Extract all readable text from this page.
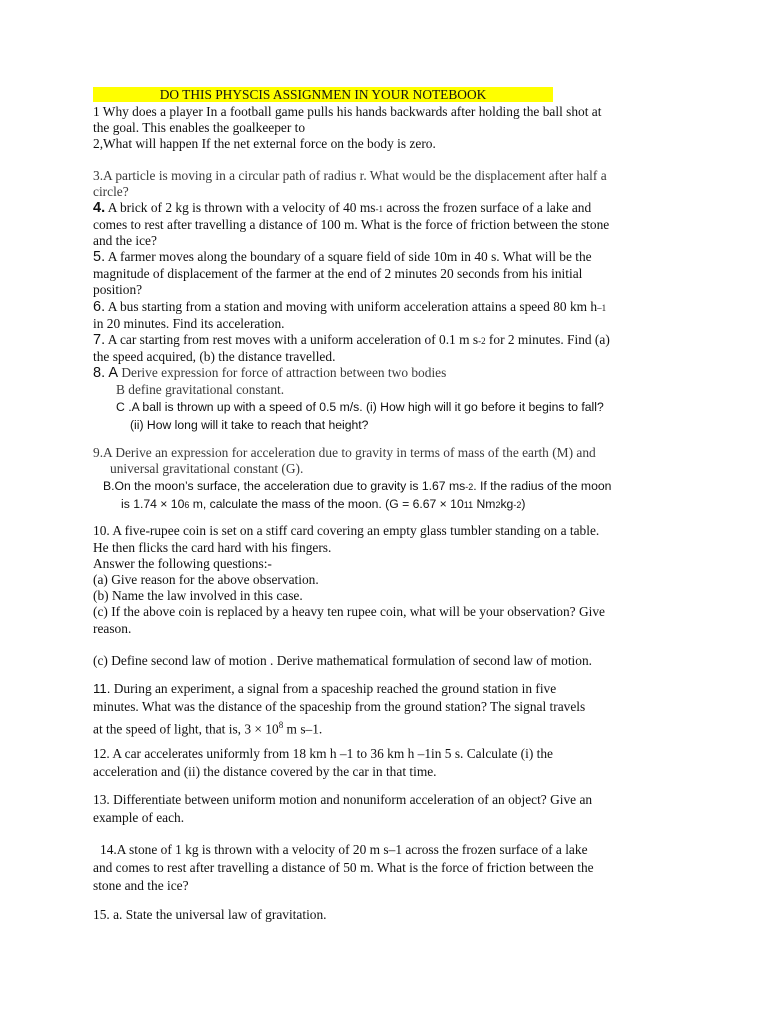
DO THIS PHYSCIS ASSIGNMEN IN YOUR NOTEBOOK
1 Why does a player In a football game pulls his hands backwards after holding the ball shot at
the goal. This enables the goalkeeper to
2,What will happen If the net external force on the body is zero.
3.A particle is moving in a circular path of radius r. What would be the displacement after half a
circle?
4. A brick of 2 kg is thrown with a velocity of 40 ms-1 across the frozen surface of a lake and
comes to rest after travelling a distance of 100 m. What is the force of friction between the stone
and the ice?
5. A farmer moves along the boundary of a square field of side 10m in 40 s. What will be the
magnitude of displacement of the farmer at the end of 2 minutes 20 seconds from his initial
position?
6. A bus starting from a station and moving with uniform acceleration attains a speed 80 km h–1
in 20 minutes. Find its acceleration.
7. A car starting from rest moves with a uniform acceleration of 0.1 m s-2 for 2 minutes. Find (a)
the speed acquired, (b) the distance travelled.
8. A Derive expression for force of attraction between two bodies
B define gravitational constant.
C .A ball is thrown up with a speed of 0.5 m/s. (i) How high will it go before it begins to fall?
(ii) How long will it take to reach that height?
9.A Derive an expression for acceleration due to gravity in terms of mass of the earth (M) and
universal gravitational constant (G).
B.On the moon’s surface, the acceleration due to gravity is 1.67 ms-2. If the radius of the moon
is 1.74 × 106 m, calculate the mass of the moon. (G = 6.67 × 1011 Nm2kg-2)
10. A five-rupee coin is set on a stiff card covering an empty glass tumbler standing on a table.
He then flicks the card hard with his fingers.
Answer the following questions:-
(a) Give reason for the above observation.
(b) Name the law involved in this case.
(c) If the above coin is replaced by a heavy ten rupee coin, what will be your observation? Give
reason.
(c) Define second law of motion . Derive mathematical formulation of second law of motion.
11. During an experiment, a signal from a spaceship reached the ground station in five
minutes. What was the distance of the spaceship from the ground station? The signal travels
at the speed of light, that is, $3 \times 10^8$ m s–1.
12. A car accelerates uniformly from 18 km h –1 to 36 km h –1in 5 s. Calculate (i) the
acceleration and (ii) the distance covered by the car in that time.
13. Differentiate between uniform motion and nonuniform acceleration of an object? Give an
example of each.
14.A stone of 1 kg is thrown with a velocity of 20 m s–1 across the frozen surface of a lake
and comes to rest after travelling a distance of 50 m. What is the force of friction between the
stone and the ice?
15. a. State the universal law of gravitation.
